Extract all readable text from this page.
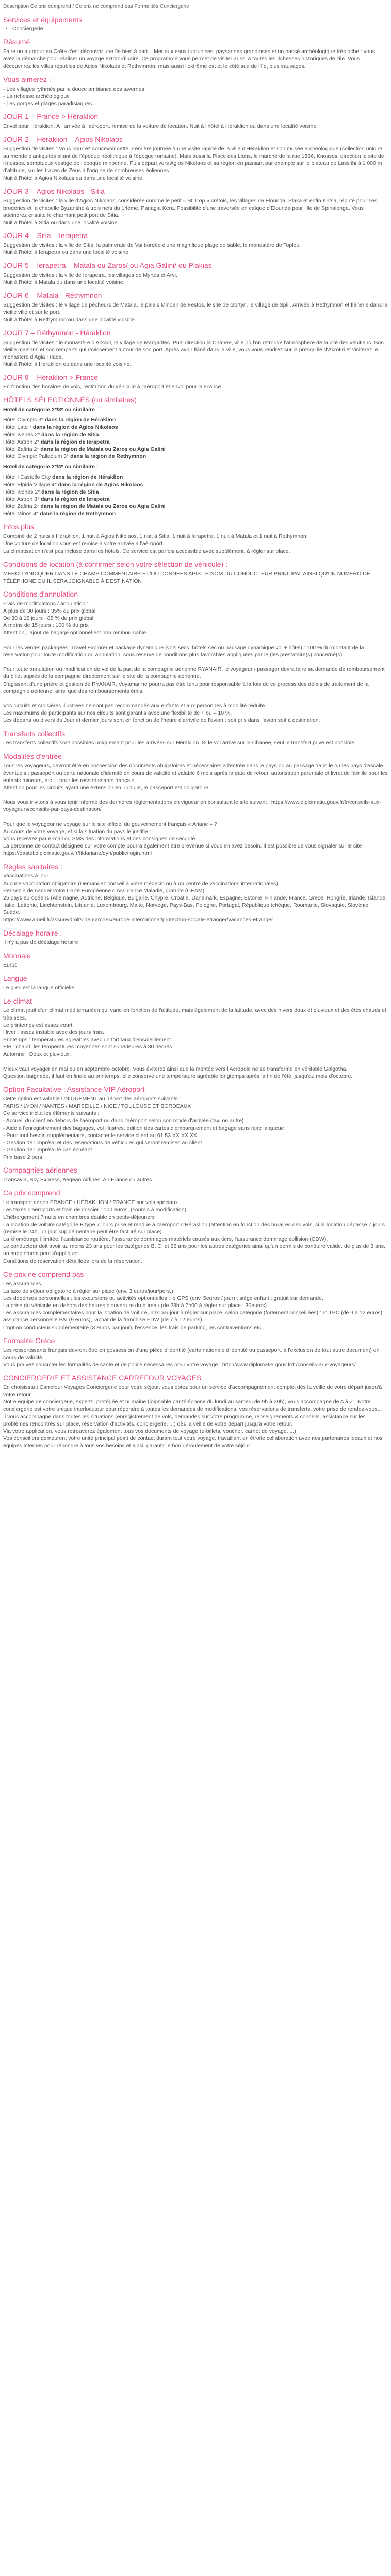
Description Ce prix comprend / Ce prix ne comprend pas Formalités Conciergerie
Services et équipements
• Conciergerie
Résumé

Faire un autotour en Crète c'est découvrir une île bien à part... Mer aux eaux turquoises, paysannes grandioses et un passé archéologique très riche : vous avez la démarche pour réaliser un voyage extraordinaire. Ce programme vous permet de visiter aussi à toutes les richesses historiques de l'île. Vous découvrirez les villes républes de Agios Nikolaos et Rethymnon, mais aussi l'extrême est et le côté sud de l'île, plus sauvages.

Vous aimerez :

- Les villages rythmés par la douce ambiance des tavernes
- La richesse archéologique
- Les gorges et plages paradisiaques

JOUR 1 – France > Héraklion

Envol pour Héraklion. À l'arrivée à l'aéroport, remise de la voiture de location. Nuit à l'hôtel à Héraklion ou dans une localité voisine.

JOUR 2 – Héraklion – Agios Nikolaos

Suggestion de visites : Vous pourrez concevoir cette première journée à une visite rapide de la ville d'Héraklion et son musée archéologique (collection unique au monde d'antiquités allant de l'époque néolithique à l'époque romaine). Mais aussi la Place des Lions, le marché de la rue 1866, Knossos, direction le site de Knossos, somptueux vestige de l'époque minoenne. Puis départ vers Agios Nikolaos et sa région en passant par exemple sur le plateau de Lassithi à 1 000 m d'altitude, sur les traces de Zeus à l'origine de nombreuses éoliennes.
Nuit à l'hôtel à Agios Nikolaos ou dans une localité voisine.

JOUR 3 – Agios Nikolaos - Sitia

Suggestion de visites : la ville d'Agios Nikolaos, considérée comme le petit « St Trop » crétois, les villages de Elounda, Plaka et enfin Kritsa, réputé pour ses broderies et la chapelle Byzantine à trois nefs du 14ème, Panagia Kera. Possibilité d'une traversée en caïque d'Elounda pour l'île de Spinalonga. Vous atteindrez ensuite le charmant petit port de Sitia.
Nuit à l'hôtel à Sitia ou dans une localité voisine.

JOUR 4 – Sitia – Ierapetra

Suggestion de visites : la ville de Sitia, la palmeraie de Vai bordée d'une magnifique plage de sable, le monastère de Toplou.
Nuit à l'hôtel à Ierapetra ou dans une localité voisine.

JOUR 5 – Ierapetra – Matala ou Zaros/ ou Agia Galini/ ou Plakias

Suggestion de visites : la ville de Ierapetra, les villages de Myrtos et Arvi.
Nuit à l'hôtel à Matala ou dans une localité voisine.

JOUR 6 – Matala - Réthymnon

Suggestion de visites : le village de pêcheurs de Matala, le palais Minoen de Festos, le site de Gortyn, le village de Spili. Arrivée à Rethymnon et flânerie dans la vieille ville et sur le port.
Nuit à l'hôtel à Rethymnon ou dans une localité voisine.

JOUR 7 – Réthymnon - Héraklion

Suggestion de visites : le monastère d'Arkadi, le village de Margarites. Puis direction la Chanée, ville où l'on retrouve l'atmosphère de la cité des vénitiens. Son vieille maisons et son remparts qui ravissement autour de son port. Après avoir flâné dans la ville, vous vous rendrez sur la presqu'île d'Akrotiri et visiterez le monastère d'Agia Triada.
Nuit à l'hôtel à Héraklion ou dans une localité voisine.

JOUR 8 – Héraklion > France

En fonction des horaires de vols, restitution du véhicule à l'aéroport et envol pour la France.

HÔTELS SÉLECTIONNÉS (ou similaires)

Hotel de catégorie 2*/3* ou similaire

Hôtel Olympic 3* dans la région de Héraklion
Hôtel Lato * dans la région de Agios Nikolaos
Hôtel Ivenes 2* dans la région de Sitia
Hôtel Astron 2* dans la région de Ierapetra
Hôtel Zafiria 2* dans la région de Matala ou Zaros ou Agia Galini
Hôtel Olympic Palladium 3* dans la région de Rethymnon

Hotel de catégorie 2*/4* ou similaire :

Hôtel I Castello City dans la région de Héraklion
Hôtel Elpida Village 4* dans la région de Agios Nikolaos
Hôtel Ivenes 2* dans la région de Sitia
Hôtel Astron 3* dans la région de Ierapetra
Hôtel Zafiria 2* dans la région de Matala ou Zaros ou Agia Galini
Hôtel Minos 4* dans la région de Rethymnon

Infos plus

Combiné de 2 nuits à Héraklion, 1 nuit à Agios Nikolaos, 1 nuit à Sitia, 1 nuit à Ierapetra, 1 nuit à Matala et 1 nuit à Rethymnon.
Une voiture de location vous est remise à votre arrivée à l'aéroport.
La climatisation n'est pas incluse dans les hôtels. Ce service est parfois accessible avec supplément, à régler sur place.

Conditions de location (à confirmer selon votre sélection de véhicule) :

MERCI D'INDIQUER DANS LE CHAMP COMMENTAIRE ET/OU DONNÉES APIS LE NOM DU CONDUCTEUR PRINCIPAL AINSI QU'UN NUMÉRO DE TÉLÉPHONE OU IL SERA JOIGNABLE À DESTINATION

Conditions d'annulation

Frais de modifications / annulation :
À plus de 30 jours : 35% du prix global
De 30 à 15 jours : 85 % du prix global
À moins de 15 jours : 100 % du prix
Attention, l'ajout de bagage optionnel est non remboursable.

Pour les ventes packagées, Travel Explorer et package dynamique (vols secs, hôtels sec ou package dynamique vol + hôtel) : 100 % du montant de la réservation pour toute modification ou annulation, sous réserve de conditions plus favorables appliquées par le (les prestataire(s) concerné(s).

Pour toute annulation ou modification de vol de la part de la compagnie aérienne RYANAIR, le voyageur / passager devra faire sa demande de remboursement du billet auprès de la compagnie directement sur le site de la compagnie aérienne.
S'agissant d'une prière et gestion de RYANAIR, Voyamar ne pourra pas être tenu pour responsable à la fois de ce process des délais de traitement de la compagnie aérienne, ainsi que des remboursements émis.

Vos circuits et croisières illustrées ne sont pas recommandés aux enfants et aux personnes à mobilité réduite.
Les maximums de participants sur nos circuits sont garantis avec une flexibilité de + ou – 10 %.
Les départs ou divers du Jour et dernier jours sont en fonction de l'heure d'arrivée de l'avion ; soit pris dans l'avion soit à destination.

Transferts collectifs

Les transferts collectifs sont possibles uniquement pour les arrivées sur Héraklion. Si le vol arrive sur la Chanée, seul le transfert privé est possible.

Modalités d'entrée

Tous les voyageurs, devront être en possession des documents obligatoires et nécessaires à l'entrée dans le pays ou au passage dans le ou les pays d'escale éventuels : passeport ou carte nationale d'identité en cours de validité et valable 6 mois après la date de retour, autorisation parentale et livret de famille pour les enfants mineurs, etc. ...pour les ressortissants français.
Attention pour les circuits ayant une extension en Turquie, le passeport est obligatoire.

Nous vous invitons à vous tenir informé des dernières réglementations en vigueur en consultant le site suivant : https://www.diplomatie.gouv.fr/fr/conseils-aux-voyageurs/conseils-par-pays-destination/

Pour que le voyageur ne voyage sur le site officiel du gouvernement français « Ariane » ?
Au cours de votre voyage, et si la situation du pays le justifie :
Vous recevrez par e-mail ou SMS des informations et des consignes de sécurité.
La personne de contact désignée sur votre compte pourra également être prévenue si vous en avez besoin. Il est possible de vous signaler sur le site : https://pastel.diplomatie.gouv.fr/fildariane/dyn/public/login.html

Règles sanitaires :

Vaccinations à jour.
Aucune vaccination obligatoire (Demandez conseil à votre médecin ou à un centre de vaccinations internationales).
Pensez à demander votre Carte Européenne d'Assurance Maladie, gratuite (CEAM).
25 pays européens (Allemagne, Autriche, Belgique, Bulgarie, Chypre, Croatie, Danemark, Espagne, Estonie, Finlande, France, Grèce, Hongrie, Irlande, Islande, Italie, Lettonie, Liechtenstein, Lituanie, Luxembourg, Malte, Norvège, Pays-Bas, Pologne, Portugal, République tchèque, Roumanie, Slovaquie, Slovénie, Suède.
https://www.ameli.fr/assure/droits-demarches/europe-international/protection-sociale-etranger/vacances-etranger

Décalage horaire :

Il n'y a pas de décalage horaire

Monnaie

Euros

Langue

Le grec est la langue officielle.

Le climat

Le climat jouit d'un climat méditerranéen qui varie en fonction de l'altitude, mais également de la latitude, avec des hivers doux et pluvieux et des étés chauds et très secs.
Le printemps est assez court.
Hiver : assez instable avec des jours frais.
Printemps : températures agréables avec un fort taux d'ensoleillement.
Été : chaud, les températures moyennes sont supérieures à 30 degrés.
Automne : Doux et pluvieux.

Mieux vaut voyager en mai ou en septembre-octobre. Vous éviterez ainsi que la montée vers l'Acropole ne se transforme en véritable Golgotha.
Question baignade, il faut en finale au printemps, elle conserve une température agréable longtemps après la fin de l'été, jusqu'au mois d'octobre.

Option Facultative : Assistance VIP Aéroport

Cette option est valable UNIQUEMENT au départ des aéroports suivants :
PARIS / LYON / NANTES / MARSEILLE / NICE / TOULOUSE ET BORDEAUX
Ce service inclut les éléments suivants :
- Accueil du client en dehors de l'aéroport ou dans l'aéroport selon son mode d'arrivée (taxi ou autre)
- Aide à l'enregistrement des bagages, vol illustres, édition des cartes d'embarquement et bagage sans faire la queue
- Pour tout besoin supplémentaire, contacter le service client au 01 53 XX XX XX
- Gestion de l'imprévu et des réservations de véhicules qui seront remises au client
- Gestion de l'imprévu le cas échéant
Prix base 2 pers.

Compagnies aériennes

Transavia, Sky Express, Aegean Airlines, Air France ou autres ...

Ce prix comprend

Le transport aérien FRANCE / HÉRAKLION / FRANCE sur vols spéciaux.
Les taxes d'aéroports et frais de dossier : 100 euros, (soumis à modification)
L'hébergement 7 nuits en chambres double en petits-déjeuners
La location de voiture catégorie B type 7 jours prise et rendue à l'aéroport d'Héraklion (attention en fonction des horaires des vols, si la location dépasse 7 jours (remise le 24h, un jour supplémentaire peut être facturé sur place).
La kilométrage illimitée, l'assistance routière, l'assurance dommages matériels causés aux tiers, l'assurance dommage collision (CDW),
Le conducteur doit avoir au moins 23 ans pour les catégories B, C, et 25 ans pour les autres catégories ainsi qu'un permis de conduire valide, de plus de 3 ans, un supplément peut s'appliquer.
Conditions de réservation détaillées lors de la réservation.

Ce prix ne comprend pas

Les assurances,
La taxe de séjour obligatoire à régler sur place (env. 3 euros/jour/pers.)
Les dépenses personnelles ; les excursions ou activités optionnelles ; le GPS (env. 5euros / jour) ; siège enfant ; gratuit sur demande.
La prise du véhicule en dehors des heures d'ouverture du bureau (de 23h à 7h00 à régler sur place : 30euros).
Les assurances complémentaires pour la location de voiture, prix par jour à régler sur place, selon catégorie (fortement conseillées) : rc TPC (de 9 à 12 euros) assurance personnelle PAI (9 euros), rachat de la franchise FDW (de 7 à 12 euros).
L'option conducteur supplémentaire (3 euros par jour), l'essence, les frais de parking, les contraventions etc...

Formalité Grèce

Les ressortissants français devront être en possession d'une pièce d'identité (carte nationale d'identité ou passeport, à l'exclusion de tout autre document) en cours de validité.
Vous pouvez consulter les formalités de santé et de police nécessaires pour votre voyage : http://www.diplomatie.gouv.fr/fr/conseils-aux-voyageurs/

CONCIERGERIE ET ASSISTANCE CARREFOUR VOYAGES

En choisissant Carrefour Voyages Conciergerie pour votre séjour, vous optez pour un service d'accompagnement complet dès la veille de votre départ jusqu'à votre retour.
Notre équipe de conciergerie, experts, protégée et humaine (joignable par téléphone du lundi au samedi de 9h à 20h), vous accompagne de A à Z : Notre conciergerie est votre unique interlocuteur pour répondre à toutes les demandes de modifications, vos réservations de transferts, votre prise de rendez-vous...
Il vous accompagne dans toutes les situations (enregistrement de vols, demandes sur votre programme, renseignements & conseils, assistance sur les problèmes rencontrés sur place, réservation d'activités, conciergerie, ...) dès la veille de votre départ jusqu'à votre retour.
Via votre application, vous retrouverez également tous vos documents de voyage (e-billets, voucher, carnet de voyage, ...)
Vos conseillers demeurent votre unité principal point de contact durant tout votre voyage, travaillant en étroite collaboration avec nos partenaires locaux et nos équipes internes pour répondre à tous vos besoins et ainsi, garantir le bon déroulement de votre séjour.
